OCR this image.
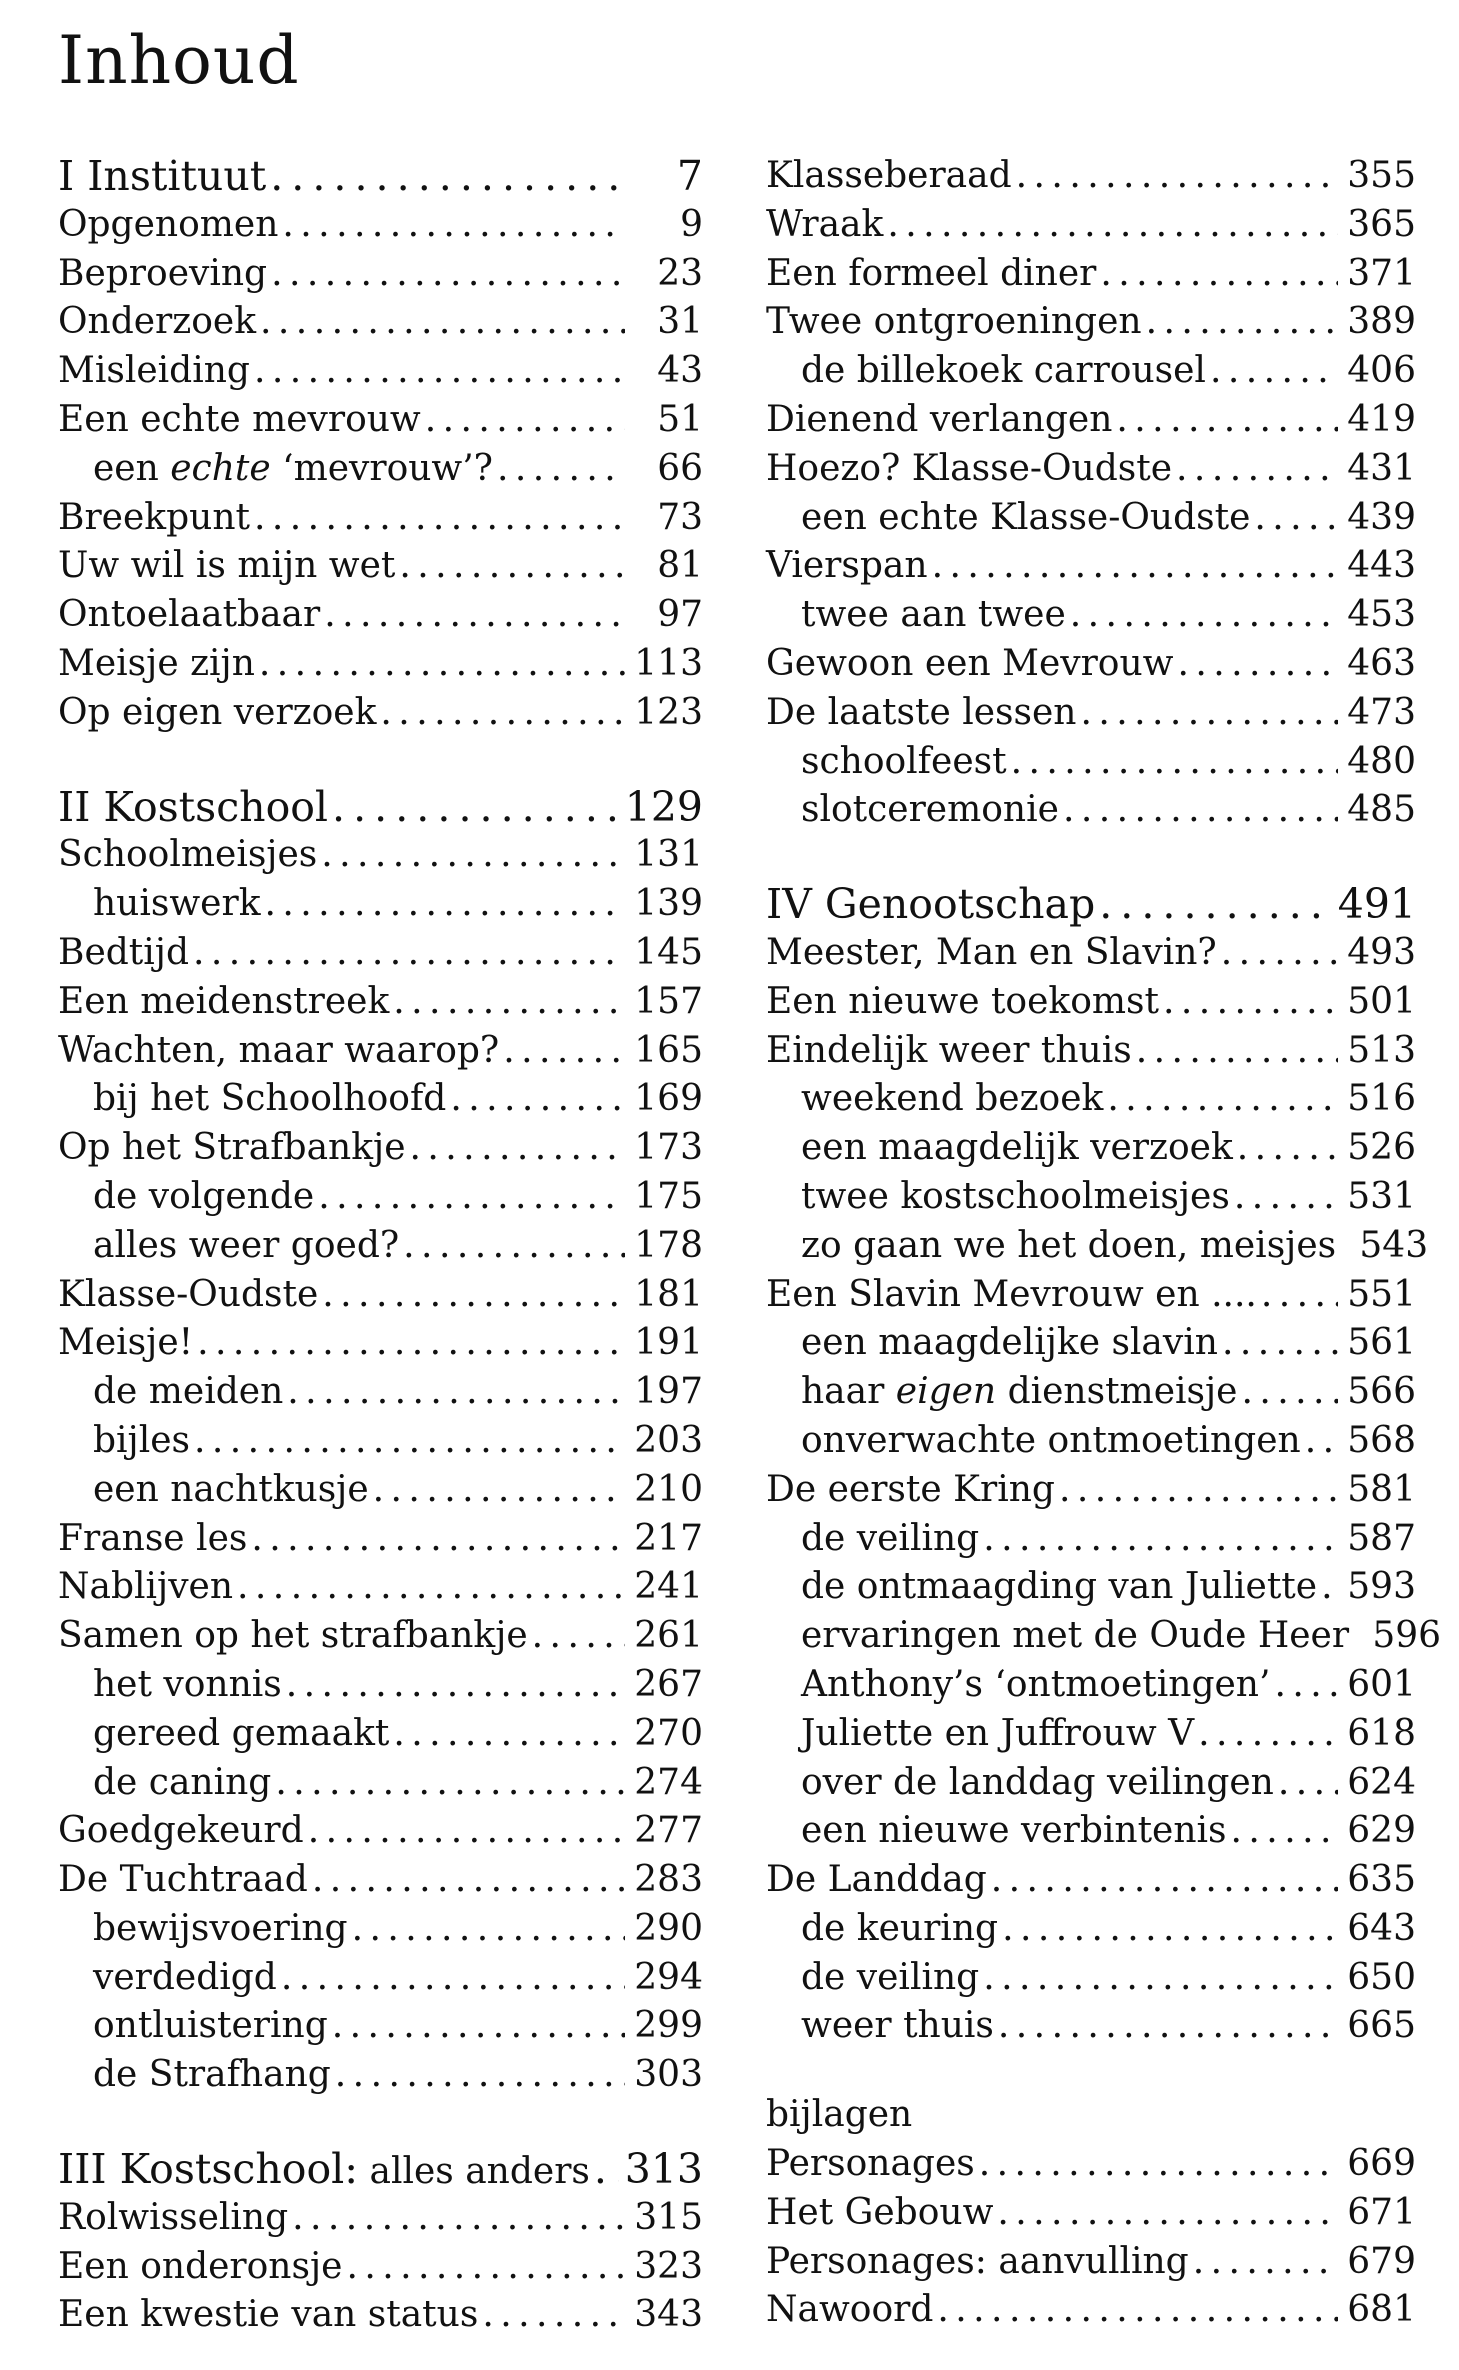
Inhoud
I Instituut . . .	7
Opgenomen . . .	9
Beproeving . . .	23
Onderzoek . . .	31
Misleiding . . .	43
Een echte mevrouw . . .	51
een echte ‘mevrouw’? . . .	66
Breekpunt . . .	73
Uw wil is mijn wet . . .	81
Ontoelaatbaar . . .	97
Meisje zijn . . .	113
Op eigen verzoek . . .	123
II Kostschool . . .	129
Schoolmeisjes . . .	131
huiswerk . . .	139
Bedtijd . . .	145
Een meidenstreek . . .	157
Wachten, maar waarop? . . .	165
bij het Schoolhoofd . . .	169
Op het Strafbankje . . .	173
de volgende . . .	175
alles weer goed? . . .	178
Klasse-Oudste . . .	181
Meisje! . . .	191
de meiden . . .	197
bijles . . .	203
een nachtkusje . . .	210
Franse les . . .	217
Nablijven . . .	241
Samen op het strafbankje . . .	261
het vonnis . . .	267
gereed gemaakt . . .	270
de caning . . .	274
Goedgekeurd . . .	277
De Tuchtraad . . .	283
bewijsvoering . . .	290
verdedigd . . .	294
ontluistering . . .	299
de Strafhang . . .	303
III Kostschool: alles anders . . . 313
Rolwisseling . . .	315
Een onderonsje . . .	323
Een kwestie van status . . .	343
Klasseberaad . . .	355
Wraak . . .	365
Een formeel diner . . .	371
Twee ontgroeningen . . .	389
de billekoek carrousel . . .	406
Dienend verlangen . . .	419
Hoezo? Klasse-Oudste . . .	431
een echte Klasse-Oudste . . .	439
Vierspan . . .	443
twee aan twee . . .	453
Gewoon een Mevrouw . . .	463
De laatste lessen . . .	473
schoolfeest . . .	480
slotceremonie . . .	485
IV Genootschap . . .	491
Meester, Man en Slavin? . . .	493
Een nieuwe toekomst . . .	501
Eindelijk weer thuis . . .	513
weekend bezoek . . .	516
een maagdelijk verzoek . . .	526
twee kostschoolmeisjes . . .	531
zo gaan we het doen, meisjes 543
Een Slavin Mevrouw en .... . . .	551
een maagdelijke slavin . . .	561
haar eigen dienstmeisje . . .	566
onverwachte ontmoetingen . . . 568
De eerste Kring . . .	581
de veiling . . .	587
de ontmaagding van Juliette . . . 593
ervaringen met de Oude Heer 596
Anthony’s ‘ontmoetingen’ . . . 601
Juliette en Juffrouw V . . .	618
over de landdag veilingen . . . 624
een nieuwe verbintenis . . .	629
De Landdag . . .	635
de keuring . . .	643
de veiling . . .	650
weer thuis . . .	665
bijlagen
Personages . . .	669
Het Gebouw . . .	671
Personages: aanvulling . . .	679
Nawoord . . .	681
